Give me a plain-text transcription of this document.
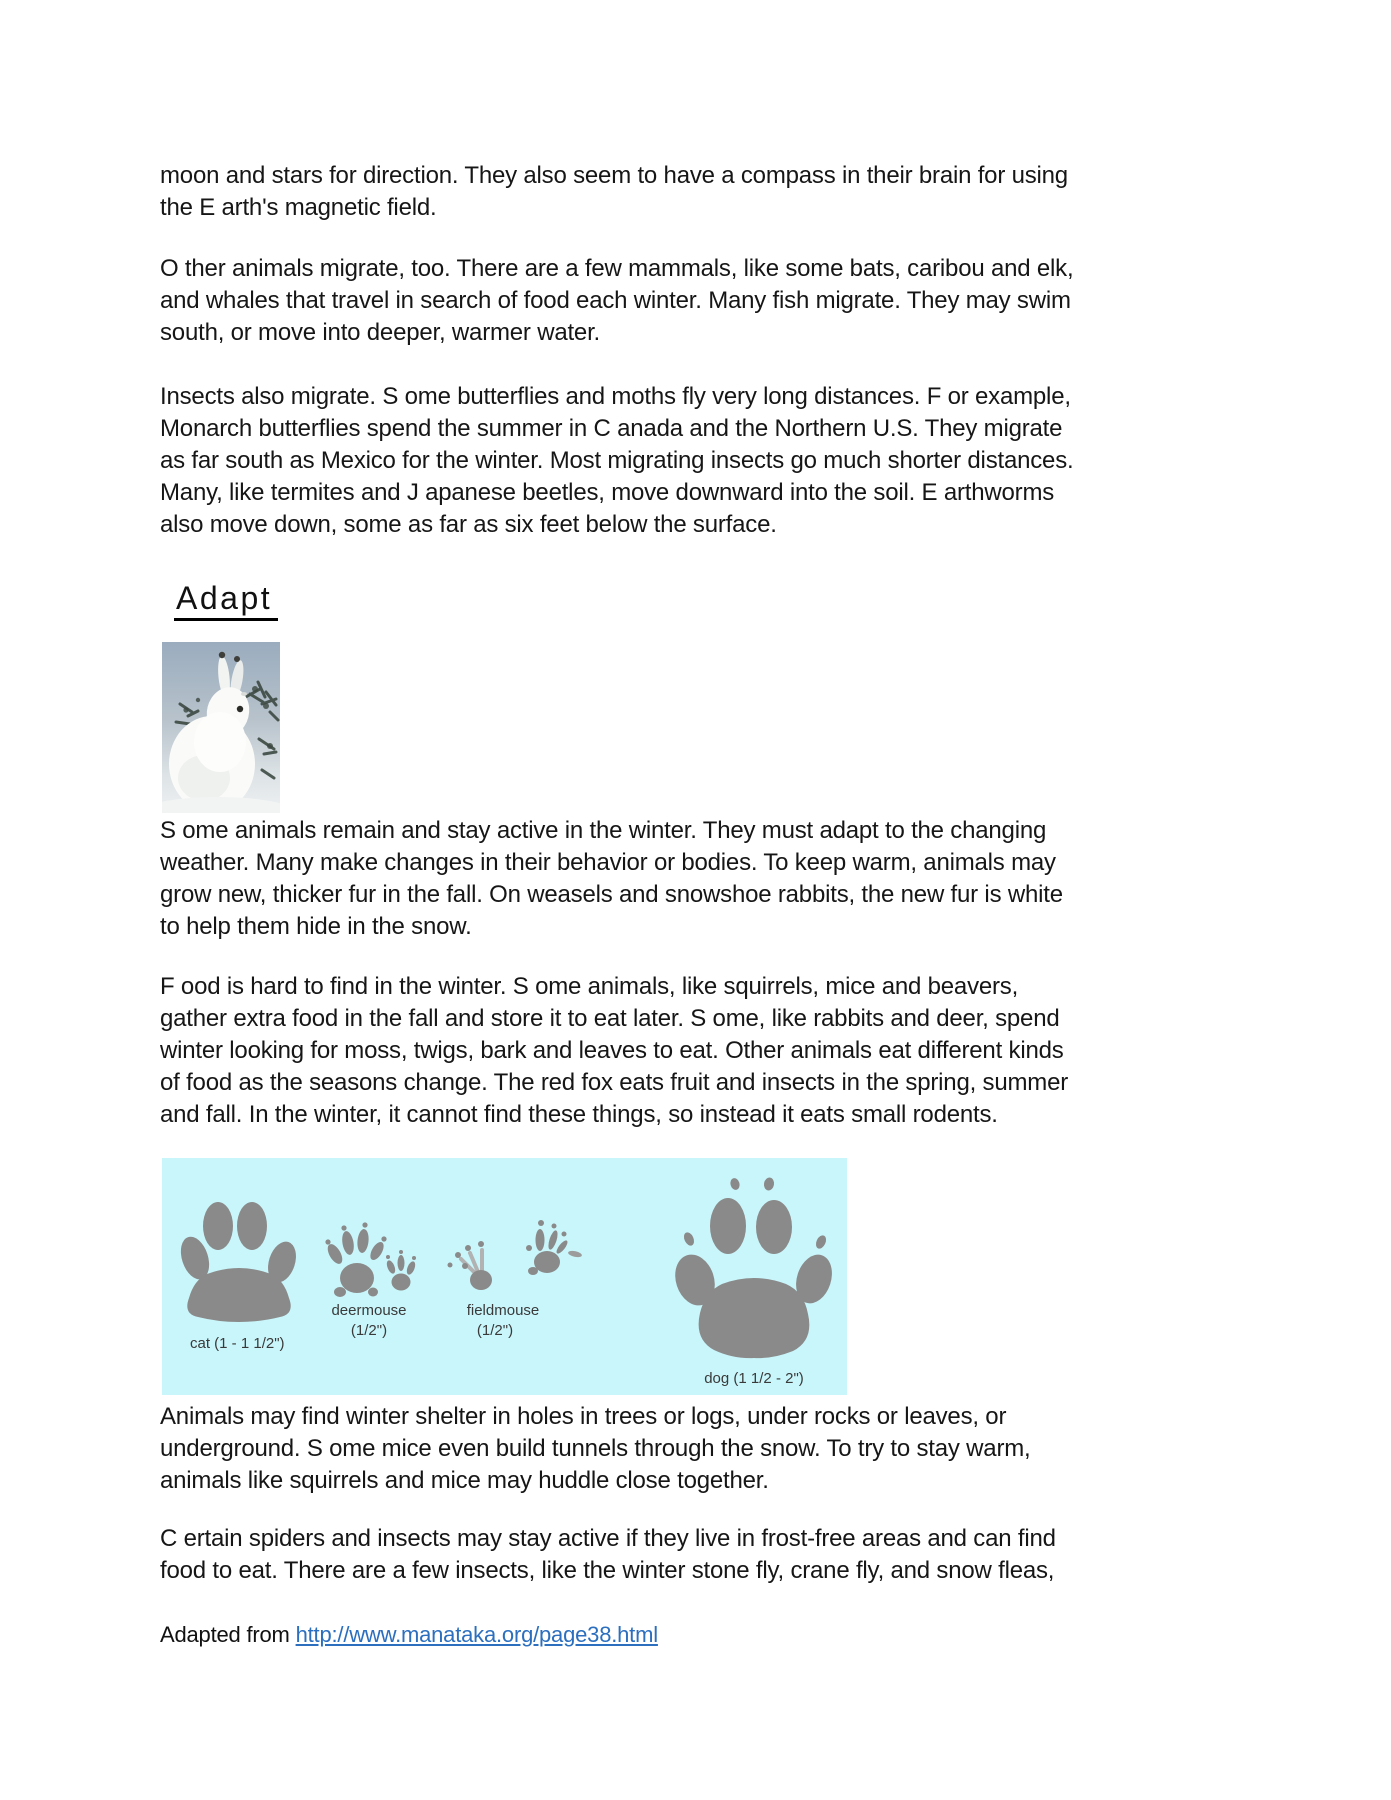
moon and stars for direction. They also seem to have a compass in their brain for using
the E arth's magnetic field.

O ther animals migrate, too. There are a few mammals, like some bats, caribou and elk,
and whales that travel in search of food each winter. Many fish migrate. They may swim
south, or move into deeper, warmer water.

Insects also migrate. S ome butterflies and moths fly very long distances. F or example,
Monarch butterflies spend the summer in C anada and the Northern U.S. They migrate
as far south as Mexico for the winter. Most migrating insects go much shorter distances.
Many, like termites and J apanese beetles, move downward into the soil. E arthworms
also move down, some as far as six feet below the surface.

Adapt

S ome animals remain and stay active in the winter. They must adapt to the changing
weather. Many make changes in their behavior or bodies. To keep warm, animals may
grow new, thicker fur in the fall. On weasels and snowshoe rabbits, the new fur is white
to help them hide in the snow.

F ood is hard to find in the winter. S ome animals, like squirrels, mice and beavers,
gather extra food in the fall and store it to eat later. S ome, like rabbits and deer, spend
winter looking for moss, twigs, bark and leaves to eat. Other animals eat different kinds
of food as the seasons change. The red fox eats fruit and insects in the spring, summer
and fall. In the winter, it cannot find these things, so instead it eats small rodents.

cat (1 - 1 1/2")
deermouse
(1/2")
fieldmouse
(1/2")
dog (1 1/2 - 2")

Animals may find winter shelter in holes in trees or logs, under rocks or leaves, or
underground. S ome mice even build tunnels through the snow. To try to stay warm,
animals like squirrels and mice may huddle close together.

C ertain spiders and insects may stay active if they live in frost-free areas and can find
food to eat. There are a few insects, like the winter stone fly, crane fly, and snow fleas,

Adapted from http://www.manataka.org/page38.html
